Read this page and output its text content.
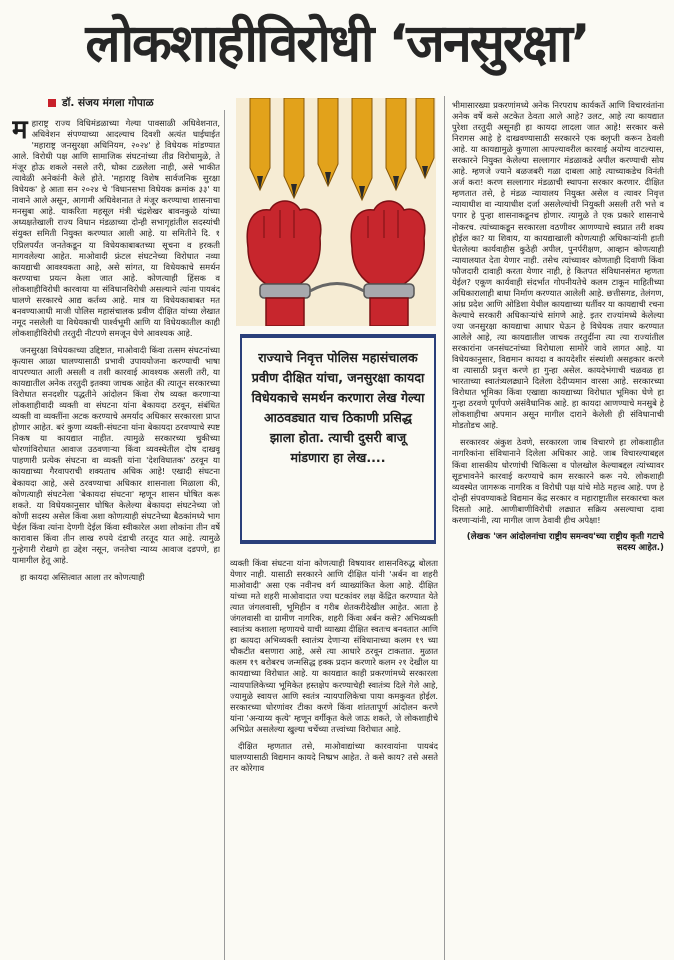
लोकशाहीविरोधी ‘जनसुरक्षा’
डॉ. संजय मंगला गोपाळ

महाराष्ट्र राज्य विधिमंडळाच्या गेल्या पावसाळी अधिवेशनात, अधिवेशन संपण्याच्या आदल्याच दिवशी अत्यंत घाईघाईत 'महाराष्ट्र जनसुरक्षा अधिनियम, २०२४' हे विधेयक मांडण्यात आले. विरोधी पक्ष आणि सामाजिक संघटनांच्या तीव्र विरोधामुळे, ते मंजूर होऊ शकले नसले तरी, धोका टळलेला नाही, असे भाकीत त्यावेळी अनेकांनी केले होते. 'महाराष्ट्र विशेष सार्वजनिक सुरक्षा विधेयक' हे आता सन २०२४ चे 'विधानसभा विधेयक क्रमांक ३३' या नावाने आले असून, आगामी अधिवेशनात ते मंजूर करण्याचा शासनाचा मनसुबा आहे. याकरिता महसूल मंत्री चंद्रशेखर बावनकुळे यांच्या अध्यक्षतेखाली राज्य विधान मंडळाच्या दोन्ही सभागृहांतील सदस्यांची संयुक्त समिती नियुक्त करण्यात आली आहे. या समितीने दि. १ एप्रिलपर्यंत जनतेकडून या विधेयकाबाबतच्या सूचना व हरकती मागवलेल्या आहेत. माओवादी फ्रंटल संघटनेच्या विरोधात नव्या कायद्याची आवश्यकता आहे, असे सांगत, या विधेयकाचे समर्थन करण्याचा प्रयत्न केला जात आहे. कोणत्याही हिंसक व लोकशाहीविरोधी कारवाया या संविधानविरोधी असल्याने त्यांना पायबंद घालणे सरकारचे आद्य कर्तव्य आहे. मात्र या विधेयकाबाबत मत बनवण्याआधी माजी पोलिस महासंचालक प्रवीण दीक्षित यांच्या लेखात नमूद नसलेली या विधेयकाची पार्श्वभूमी आणि या विधेयकातील काही लोकशाहीविरोधी तरतुदी नीटपणे समजून घेणे आवश्यक आहे.

जनसुरक्षा विधेयकाच्या उद्दिष्टात, माओवादी किंवा तत्सम संघटनांच्या कृत्यास आळा घालण्यासाठी प्रभावी उपाययोजना करण्याची भाषा वापरण्यात आली असली व तशी कारवाई आवश्यक असली तरी, या कायद्यातील अनेक तरतुदी इतक्या जाचक आहेत की त्यातून सरकारच्या विरोधात सनदशीर पद्धतीने आंदोलन किंवा रोष व्यक्त करणाऱ्या लोकशाहीवादी व्यक्ती वा संघटना यांना बेकायदा ठरवून, संबंधित व्यक्ती वा व्यक्तींना अटक करण्याचे अमर्याद अधिकार सरकारला प्राप्त होणार आहेत. बरं कुणा व्यक्ती-संघटना यांना बेकायदा ठरवण्याचे स्पष्ट निकष या कायद्यात नाहीत. त्यामुळे सरकारच्या चुकीच्या धोरणांविरोधात आवाज उठवणाऱ्या किंवा व्यवस्थेतील दोष दाखवू पाहणारी प्रत्येक संघटना वा व्यक्ती यांना 'देशविघातक' ठरवून या कायद्याच्या गैरवापराची शक्यताच अधिक आहे! एखादी संघटना बेकायदा आहे, असे ठरवण्याचा अधिकार शासनाला मिळाला की, कोणत्याही संघटनेला 'बेकायदा संघटना' म्हणून शासन घोषित करू शकते. या विधेयकानुसार घोषित केलेल्या बेकायदा संघटनेच्या जो कोणी सदस्य असेल किंवा अशा कोणत्याही संघटनेच्या बैठकांमध्ये भाग घेईल किंवा त्यांना देणगी देईल किंवा स्वीकारेल अशा लोकांना तीन वर्षे कारावास किंवा तीन लाख रुपये दंडाची तरतूद यात आहे. त्यामुळे गुन्हेगारी रोखणे हा उद्देश नसून, जनतेचा न्याय्य आवाज दडपणे, हा यामागील हेतू आहे.

हा कायदा अस्तित्वात आला तर कोणत्याही

राज्याचे निवृत्त पोलिस महासंचालक प्रवीण दीक्षित यांचा, जनसुरक्षा कायदा विधेयकाचे समर्थन करणारा लेख गेल्या आठवड्यात याच ठिकाणी प्रसिद्ध झाला होता. त्याची दुसरी बाजू मांडणारा हा लेख....

व्यक्ती किंवा संघटना यांना कोणत्याही विषयावर शासनविरुद्ध बोलता येणार नाही. यासाठी सरकारने आणि दीक्षित यांनी 'अर्बन वा शहरी माओवादी' असा एक नवीनच वर्ग व्याख्यांकित केला आहे. दीक्षित यांच्या मते शहरी माओवादात ज्या घटकांवर लक्ष केंद्रित करण्यात येते त्यात जंगलवासी, भूमिहीन व गरीब शेतकरीदेखील आहेत. आता हे जंगलवासी वा ग्रामीण नागरिक, शहरी किंवा अर्बन कसे? अभिव्यक्ती स्वातंत्र्य कशाला म्हणायचे याची व्याख्या दीक्षित स्वतःच बनवतात आणि हा कायदा अभिव्यक्ती स्वातंत्र्य देणाऱ्या संविधानाच्या कलम १९ च्या चौकटीत बसणारा आहे, असे त्या आधारे ठरवून टाकतात. मुळात कलम १९ बरोबरच जन्मसिद्ध हक्क प्रदान करणारे कलम २१ देखील या कायद्याच्या विरोधात आहे. या कायद्यात काही प्रकरणांमध्ये सरकारला न्यायपालिकेच्या भूमिकेत हस्तक्षेप करण्याचेही स्वातंत्र्य दिले गेले आहे, ज्यामुळे स्वायत्त आणि स्वतंत्र न्यायपालिकेचा पाया कमकुवत होईल. सरकारच्या धोरणांवर टीका करणे किंवा शांततापूर्ण आंदोलन करणे यांना 'अन्याय्य कृत्ये' म्हणून वर्गीकृत केले जाऊ शकते, जे लोकशाहीचे अभिप्रेत असलेल्या खुल्या चर्चेच्या तत्त्वांच्या विरोधात आहे.

दीक्षित म्हणतात तसे, माओवाद्यांच्या कारवायांना पायबंद घालण्यासाठी विद्यमान कायदे निष्प्रभ आहेत. ते कसे काय? तसे असते तर कोरेगाव

भीमासारख्या प्रकरणांमध्ये अनेक निरपराध कार्यकर्ते आणि विचारवंतांना अनेक वर्षे कसे अटकेत ठेवता आले आहे? उलट, आहे त्या कायद्यात पुरेशा तरतुदी असूनही हा कायदा लादला जात आहे! सरकार कसे निरागस आहे हे दाखवण्यासाठी सरकारने एक क्लृप्ती करून ठेवली आहे. या कायद्यामुळे कुणाला आपल्यावरील कारवाई अयोग्य वाटल्यास, सरकारने नियुक्त केलेल्या सल्लागार मंडळाकडे अपील करण्याची सोय आहे. म्हणजे ज्याने बळजबरी गळा दाबला आहे त्याच्याकडेच विनंती अर्ज करा! करण सल्लागार मंडळाची स्थापना सरकार करणार. दीक्षित म्हणतात तसे, हे मंडळ न्यायालय नियुक्त असेल व त्यावर निवृत्त न्यायाधीश वा न्यायाधीश दर्जा असलेल्यांची नियुक्ती असली तरी भत्ते व पगार हे पुन्हा शासनाकडूनच होणार. त्यामुळे ते एक प्रकारे शासनाचे नोकरच. त्यांच्याकडून सरकारला वठणीवर आणण्याचे स्वप्नात तरी शक्य होईल का? या शिवाय, या कायद्याखाली कोणत्याही अधिकाऱ्यांनी हाती घेतलेल्या कार्यवाहीस कुठेही अपील, पुनर्परीक्षण, आव्हान कोणत्याही न्यायालयात देता येणार नाही. तसेच त्यांच्यावर कोणताही दिवाणी किंवा फौजदारी दावाही करता येणार नाही, हे कितपत संविधानसंमत म्हणता येईल? एकूण कार्यवाही संदर्भात गोपनीयतेचे कलम टाकून माहितीच्या अधिकारालाही बाधा निर्माण करण्यात आलेली आहे. छत्तीसगड, तेलंगण, आंध्र प्रदेश आणि ओडिशा येथील कायद्याच्या धर्तीवर या कायद्याची रचना केल्याचे सरकारी अधिकाऱ्यांचे सांगणे आहे. इतर राज्यांमध्ये केलेल्या ज्या जनसुरक्षा कायद्याचा आधार घेऊन हे विधेयक तयार करण्यात आलेले आहे, त्या कायद्यातील जाचक तरतुदींना त्या त्या राज्यांतील सरकारांना जनसंघटनांच्या विरोधाला सामोरे जावे लागत आहे. या विधेयकानुसार, विद्यमान कायदा व कायदेशीर संस्थांशी असहकार करणे वा त्यासाठी प्रवृत्त करणे हा गुन्हा असेल. कायदेभंगाची चळवळ हा भारताच्या स्वातंत्र्यलढ्याने दिलेला देदीप्यमान वारसा आहे. सरकारच्या विरोधात भूमिका किंवा एखाद्या कायद्याच्या विरोधात भूमिका घेणे हा गुन्हा ठरवणे पूर्णपणे असंवैधानिक आहे. हा कायदा आणण्याचे मनसुबे हे लोकशाहीचा अपमान असून मागील दाराने केलेली ही संविधानाची मोडतोडच आहे.

सरकारवर अंकुश ठेवणे, सरकारला जाब विचारणे हा लोकशाहीत नागरिकांना संविधानाने दिलेला अधिकार आहे. जाब विचारल्याबद्दल किंवा शासकीय धोरणांची चिकित्सा व पोलखोल केल्याबद्दल त्यांच्यावर सूडभावनेने कारवाई करण्याचे काम सरकारने करू नये. लोकशाही व्यवस्थेत जागरूक नागरिक व विरोधी पक्ष यांचे मोठे महत्त्व आहे. पण हे दोन्ही संपवण्याकडे विद्यमान केंद्र सरकार व महाराष्ट्रातील सरकारचा कल दिसतो आहे. आणीबाणीविरोधी लढ्यात सक्रिय असल्याचा दावा करणाऱ्यांनी, त्या मागील जाण ठेवावी हीच अपेक्षा!

(लेखक 'जन आंदोलनांचा राष्ट्रीय समन्वय'च्या राष्ट्रीय कृती गटाचे सदस्य आहेत.)
